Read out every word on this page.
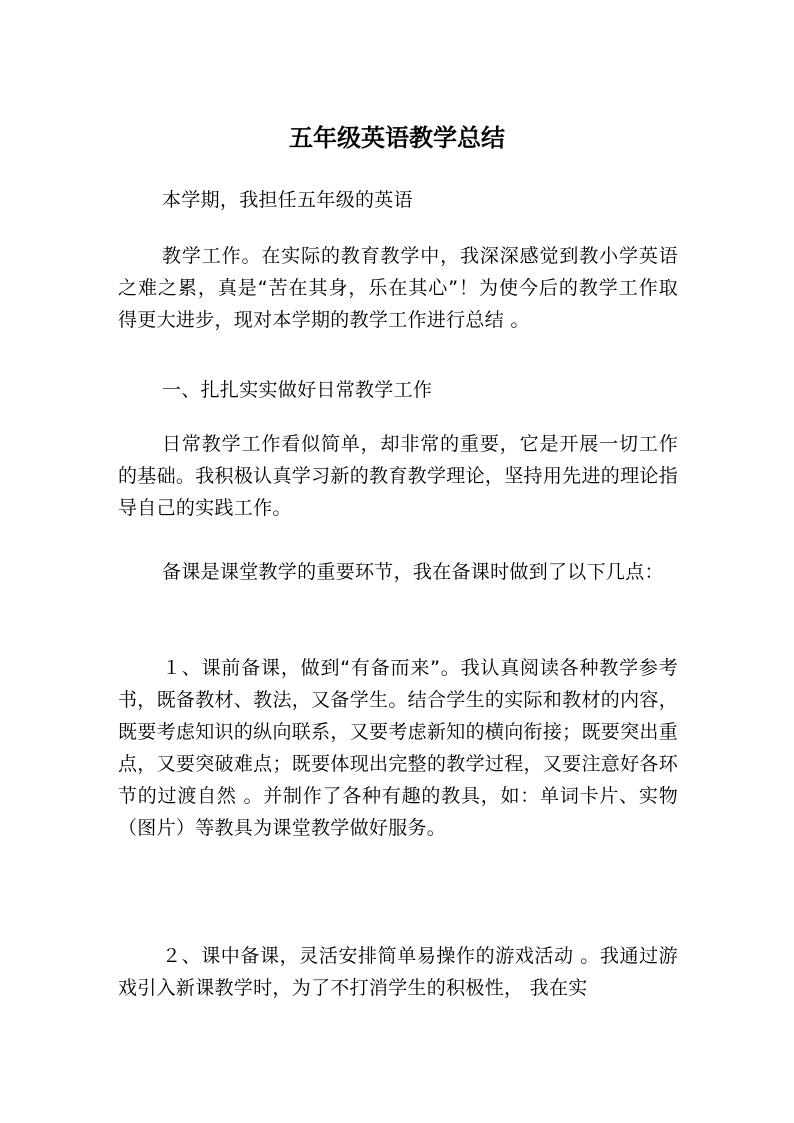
五年级英语教学总结

本学期，我担任五年级的英语

教学工作。在实际的教育教学中，我深深感觉到教小学英语之难之累，真是“苦在其身，乐在其心”！为使今后的教学工作取得更大进步，现对本学期的教学工作进行总结 。

一、扎扎实实做好日常教学工作

日常教学工作看似简单，却非常的重要，它是开展一切工作的基础。我积极认真学习新的教育教学理论，坚持用先进的理论指导自己的实践工作。

备课是课堂教学的重要环节，我在备课时做到了以下几点：

１、课前备课，做到“有备而来”。我认真阅读各种教学参考书，既备教材、教法，又备学生。结合学生的实际和教材的内容，既要考虑知识的纵向联系，又要考虑新知的横向衔接；既要突出重点，又要突破难点；既要体现出完整的教学过程，又要注意好各环节的过渡自然 。并制作了各种有趣的教具，如：单词卡片、实物（图片）等教具为课堂教学做好服务。

２、课中备课，灵活安排简单易操作的游戏活动 。我通过游戏引入新课教学时，为了不打消学生的积极性， 我在实
